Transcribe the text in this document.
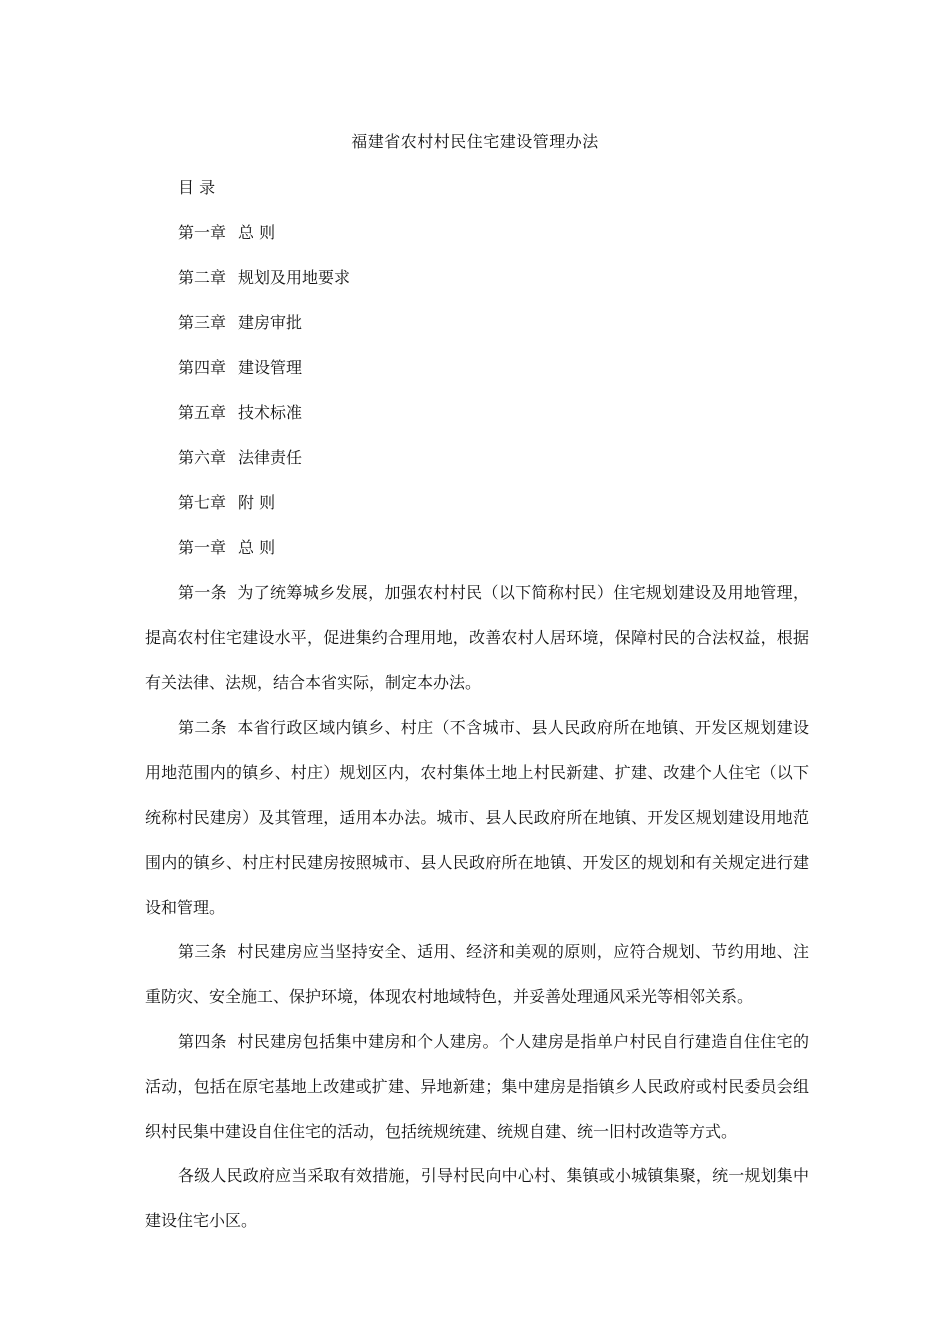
福建省农村村民住宅建设管理办法
目 录
第一章 总 则
第二章 规划及用地要求
第三章 建房审批
第四章 建设管理
第五章 技术标准
第六章 法律责任
第七章 附 则
第一章 总 则

第一条 为了统筹城乡发展，加强农村村民（以下简称村民）住宅规划建设及用地管理，提高农村住宅建设水平，促进集约合理用地，改善农村人居环境，保障村民的合法权益，根据有关法律、法规，结合本省实际，制定本办法。

第二条 本省行政区域内镇乡、村庄（不含城市、县人民政府所在地镇、开发区规划建设用地范围内的镇乡、村庄）规划区内，农村集体土地上村民新建、扩建、改建个人住宅（以下统称村民建房）及其管理，适用本办法。城市、县人民政府所在地镇、开发区规划建设用地范围内的镇乡、村庄村民建房按照城市、县人民政府所在地镇、开发区的规划和有关规定进行建设和管理。

第三条 村民建房应当坚持安全、适用、经济和美观的原则，应符合规划、节约用地、注重防灾、安全施工、保护环境，体现农村地域特色，并妥善处理通风采光等相邻关系。

第四条 村民建房包括集中建房和个人建房。个人建房是指单户村民自行建造自住住宅的活动，包括在原宅基地上改建或扩建、异地新建；集中建房是指镇乡人民政府或村民委员会组织村民集中建设自住住宅的活动，包括统规统建、统规自建、统一旧村改造等方式。

各级人民政府应当采取有效措施，引导村民向中心村、集镇或小城镇集聚，统一规划集中建设住宅小区。
